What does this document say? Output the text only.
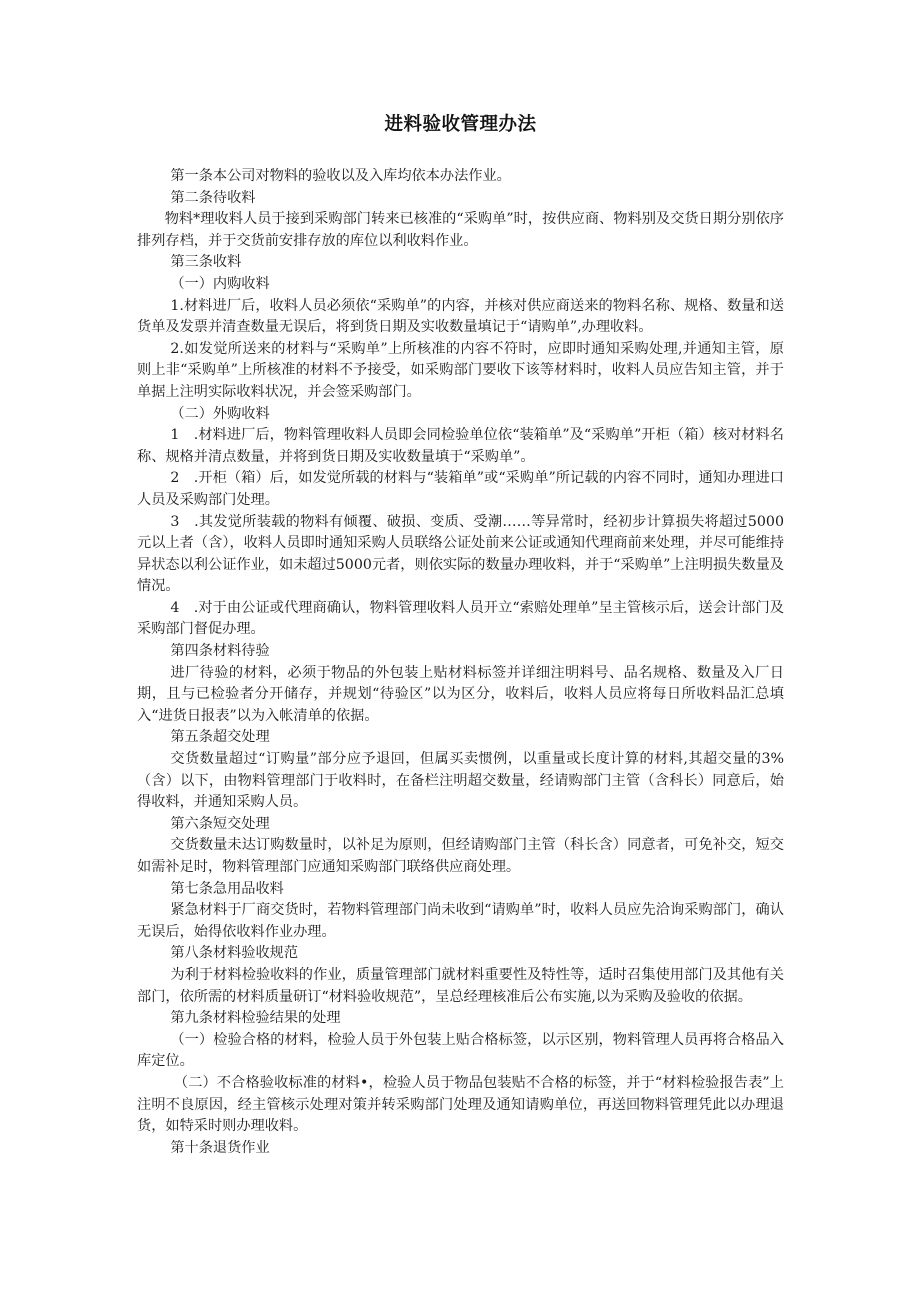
进料验收管理办法

第一条本公司对物料的验收以及入库均依本办法作业。

第二条待收料

物料*理收料人员于接到采购部门转来已核准的“采购单”时，按供应商、物料别及交货日期分别依序排列存档，并于交货前安排存放的库位以利收料作业。

第三条收料

（一）内购收料

1.材料进厂后，收料人员必须依“采购单”的内容，并核对供应商送来的物料名称、规格、数量和送货单及发票并清查数量无误后，将到货日期及实收数量填记于“请购单”,办理收料。

2.如发觉所送来的材料与“采购单”上所核准的内容不符时，应即时通知采购处理,并通知主管，原则上非“采购单”上所核准的材料不予接受，如采购部门要收下该等材料时，收料人员应告知主管，并于单据上注明实际收料状况，并会签采购部门。

（二）外购收料

1　.材料进厂后，物料管理收料人员即会同检验单位依“装箱单”及“采购单”开柜（箱）核对材料名称、规格并清点数量，并将到货日期及实收数量填于“采购单”。

2　.开柜（箱）后，如发觉所载的材料与“装箱单”或“采购单”所记载的内容不同时，通知办理进口人员及采购部门处理。

3　.其发觉所装载的物料有倾覆、破损、变质、受潮……等异常时，经初步计算损失将超过5000元以上者（含），收料人员即时通知采购人员联络公证处前来公证或通知代理商前来处理，并尽可能维持异状态以利公证作业，如未超过5000元者，则依实际的数量办理收料，并于“采购单”上注明损失数量及情况。

4　.对于由公证或代理商确认，物料管理收料人员开立“索赔处理单”呈主管核示后，送会计部门及采购部门督促办理。

第四条材料待验

进厂待验的材料，必须于物品的外包装上贴材料标签并详细注明料号、品名规格、数量及入厂日期，且与已检验者分开储存，并规划“待验区”以为区分，收料后，收料人员应将每日所收料品汇总填入“进货日报表”以为入帐清单的依据。

第五条超交处理

交货数量超过“订购量”部分应予退回，但属买卖惯例，以重量或长度计算的材料,其超交量的3%（含）以下，由物料管理部门于收料时，在备栏注明超交数量，经请购部门主管（含科长）同意后，始得收料，并通知采购人员。

第六条短交处理

交货数量未达订购数量时，以补足为原则，但经请购部门主管（科长含）同意者，可免补交，短交如需补足时，物料管理部门应通知采购部门联络供应商处理。

第七条急用品收料

紧急材料于厂商交货时，若物料管理部门尚未收到“请购单”时，收料人员应先洽询采购部门，确认无误后，始得依收料作业办理。

第八条材料验收规范

为利于材料检验收料的作业，质量管理部门就材料重要性及特性等，适时召集使用部门及其他有关部门，依所需的材料质量研订“材料验收规范”，呈总经理核准后公布实施,以为采购及验收的依据。

第九条材料检验结果的处理

（一）检验合格的材料，检验人员于外包装上贴合格标签，以示区别，物料管理人员再将合格品入库定位。

（二）不合格验收标准的材料•，检验人员于物品包装贴不合格的标签，并于“材料检验报告表”上注明不良原因，经主管核示处理对策并转采购部门处理及通知请购单位，再送回物料管理凭此以办理退货，如特采时则办理收料。

第十条退货作业
